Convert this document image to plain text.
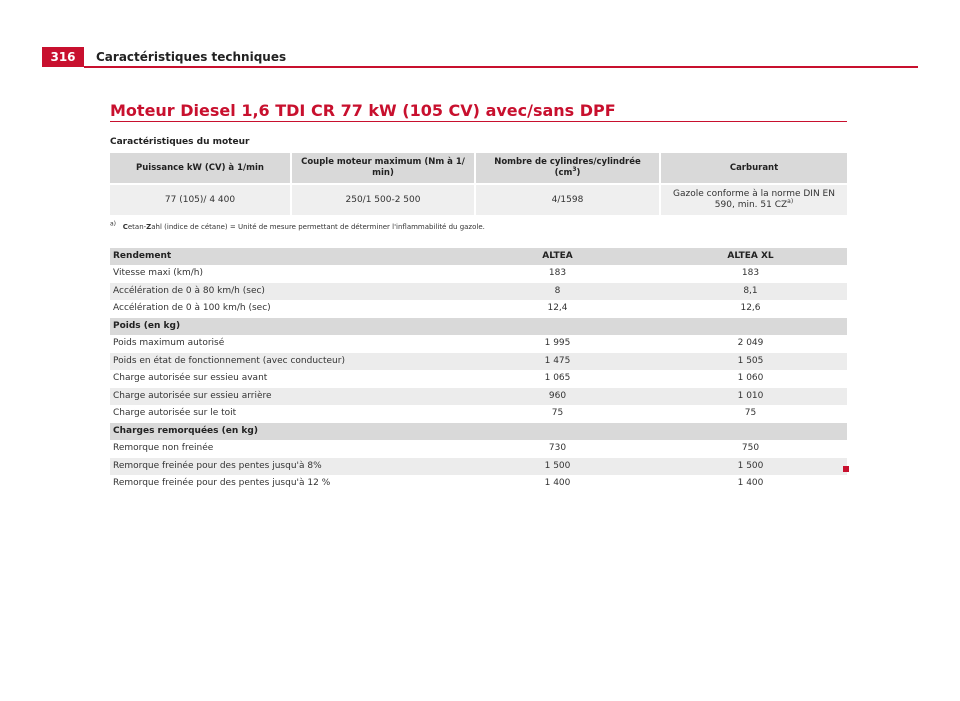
316	Caractéristiques techniques
Moteur Diesel 1,6 TDI CR 77 kW (105 CV) avec/sans DPF
Caractéristiques du moteur
Puissance kW (CV) à 1/min	Couple moteur maximum (Nm à 1/ min)	Nombre de cylindres/cylindrée $(cm^3)$	Carburant
77 (105)/ 4 400	250/1 500-2 500	4/1598	Gazole conforme à la norme DIN EN 590, min. 51 CZ$^{a)}$
$^{a)}$ Cetan-Zahl (indice de cétane) = Unité de mesure permettant de déterminer l'inflammabilité du gazole.
Rendement	ALTEA	ALTEA XL
Vitesse maxi (km/h)	183	183
Accélération de 0 à 80 km/h (sec)	8	8,1
Accélération de 0 à 100 km/h (sec)	12,4	12,6
Poids (en kg)		
Poids maximum autorisé	1 995	2 049
Poids en état de fonctionnement (avec conducteur)	1 475	1 505
Charge autorisée sur essieu avant	1 065	1 060
Charge autorisée sur essieu arrière	960	1 010
Charge autorisée sur le toit	75	75
Charges remorquées (en kg)		
Remorque non freinée	730	750
Remorque freinée pour des pentes jusqu'à 8%	1 500	1 500
Remorque freinée pour des pentes jusqu'à 12 %	1 400	1 400
